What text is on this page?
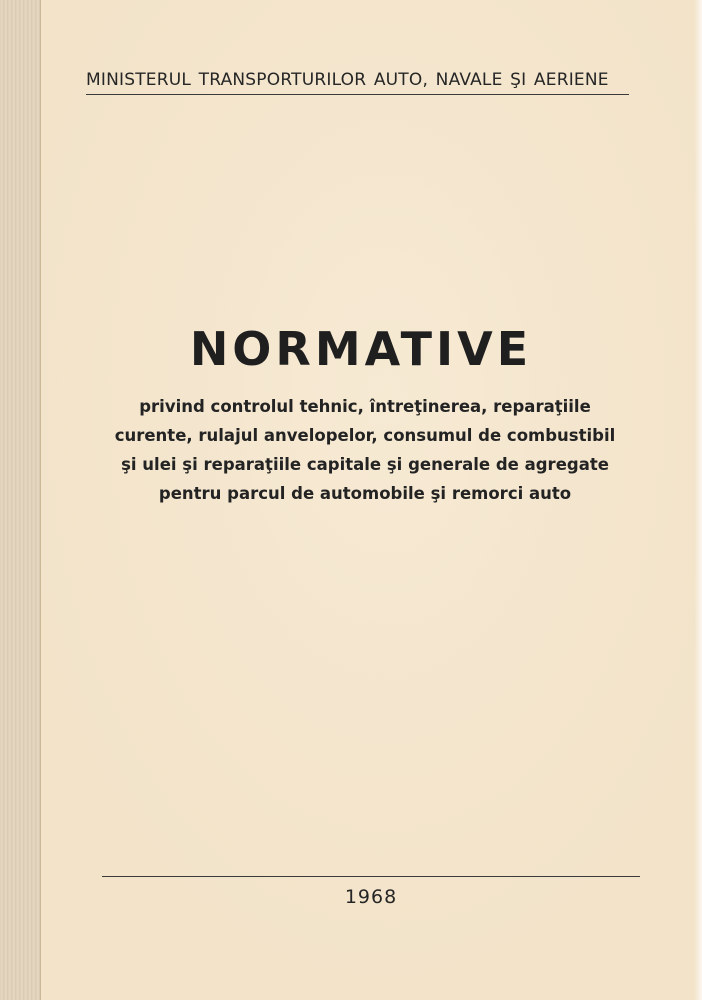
MINISTERUL TRANSPORTURILOR AUTO, NAVALE ŞI AERIENE
NORMATIVE
privind controlul tehnic, întreţinerea, reparaţiile
curente, rulajul anvelopelor, consumul de combustibil
şi ulei şi reparaţiile capitale şi generale de agregate
pentru parcul de automobile şi remorci auto
1968
